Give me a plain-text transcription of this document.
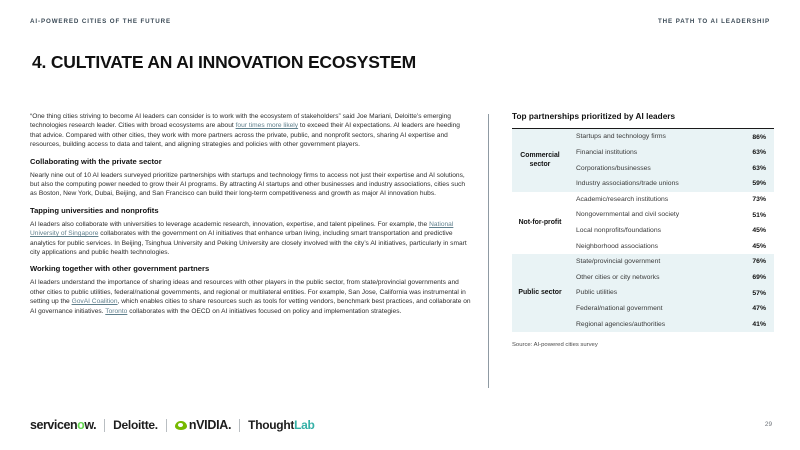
AI-POWERED CITIES OF THE FUTURE	THE PATH TO AI LEADERSHIP
4. CULTIVATE AN AI INNOVATION ECOSYSTEM

“One thing cities striving to become AI leaders can consider is to work with the ecosystem of stakeholders” said Joe Mariani, Deloitte’s emerging technologies research leader. Cities with broad ecosystems are about four times more likely to exceed their AI expectations. AI leaders are heeding that advice. Compared with other cities, they work with more partners across the private, public, and nonprofit sectors, sharing AI expertise and resources, building access to data and talent, and aligning strategies and policies with other government players.

Collaborating with the private sector

Nearly nine out of 10 AI leaders surveyed prioritize partnerships with startups and technology firms to access not just their expertise and AI solutions, but also the computing power needed to grow their AI programs. By attracting AI startups and other businesses and industry associations, cities such as Boston, New York, Dubai, Beijing, and San Francisco can build their long-term competitiveness and growth as major AI innovation hubs.

Tapping universities and nonprofits

AI leaders also collaborate with universities to leverage academic research, innovation, expertise, and talent pipelines. For example, the National University of Singapore collaborates with the government on AI initiatives that enhance urban living, including smart transportation and predictive analytics for public services. In Beijing, Tsinghua University and Peking University are closely involved with the city’s AI initiatives, particularly in smart city applications and public health technologies.

Working together with other government partners

AI leaders understand the importance of sharing ideas and resources with other players in the public sector, from state/provincial governments and other cities to public utilities, federal/national governments, and regional or multilateral entities. For example, San Jose, California was instrumental in setting up the GovAI Coalition, which enables cities to share resources such as tools for vetting vendors, benchmark best practices, and collaborate on AI governance initiatives. Toronto collaborates with the OECD on AI initiatives focused on policy and implementation strategies.

Top partnerships prioritized by AI leaders
Commercial sector	Startups and technology firms	86%
	Financial institutions	63%
	Corporations/businesses	63%
	Industry associations/trade unions	59%
Not-for-profit	Academic/research institutions	73%
	Nongovernmental and civil society	51%
	Local nonprofits/foundations	45%
	Neighborhood associations	45%
Public sector	State/provincial government	76%
	Other cities or city networks	69%
	Public utilities	57%
	Federal/national government	47%
	Regional agencies/authorities	41%
Source: AI-powered cities survey
servicenow. Deloitte. nVIDIA. ThoughtLab	29
